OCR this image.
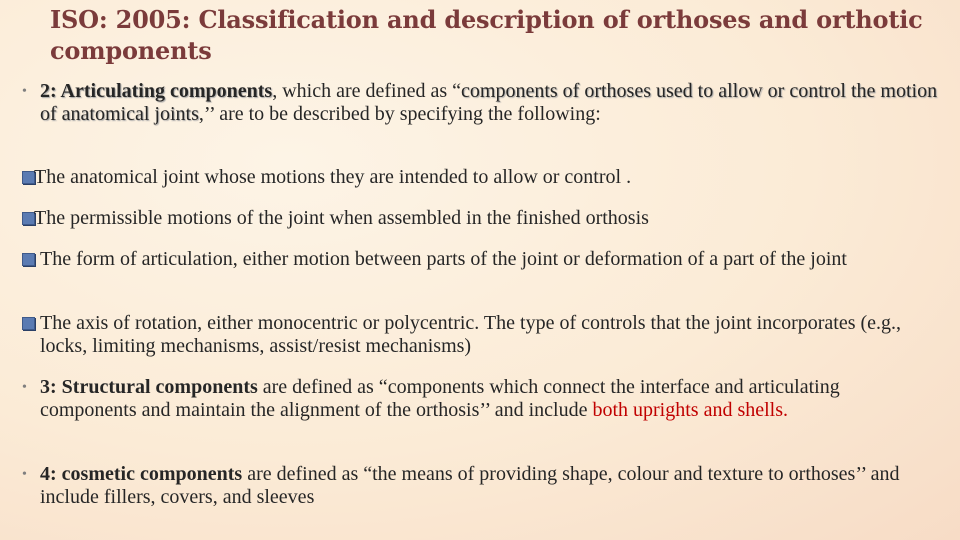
ISO: 2005: Classification and description of orthoses and orthotic components
• 2: Articulating components, which are defined as “components of orthoses used to allow or control the motion of anatomical joints,’’ are to be described by specifying the following:
The anatomical joint whose motions they are intended to allow or control .
The permissible motions of the joint when assembled in the finished orthosis
The form of articulation, either motion between parts of the joint or deformation of a part of the joint
The axis of rotation, either monocentric or polycentric. The type of controls that the joint incorporates (e.g., locks, limiting mechanisms, assist/resist mechanisms)
• 3: Structural components are defined as “components which connect the interface and articulating components and maintain the alignment of the orthosis’’ and include both uprights and shells.
• 4: cosmetic components are defined as “the means of providing shape, colour and texture to orthoses’’ and include fillers, covers, and sleeves
